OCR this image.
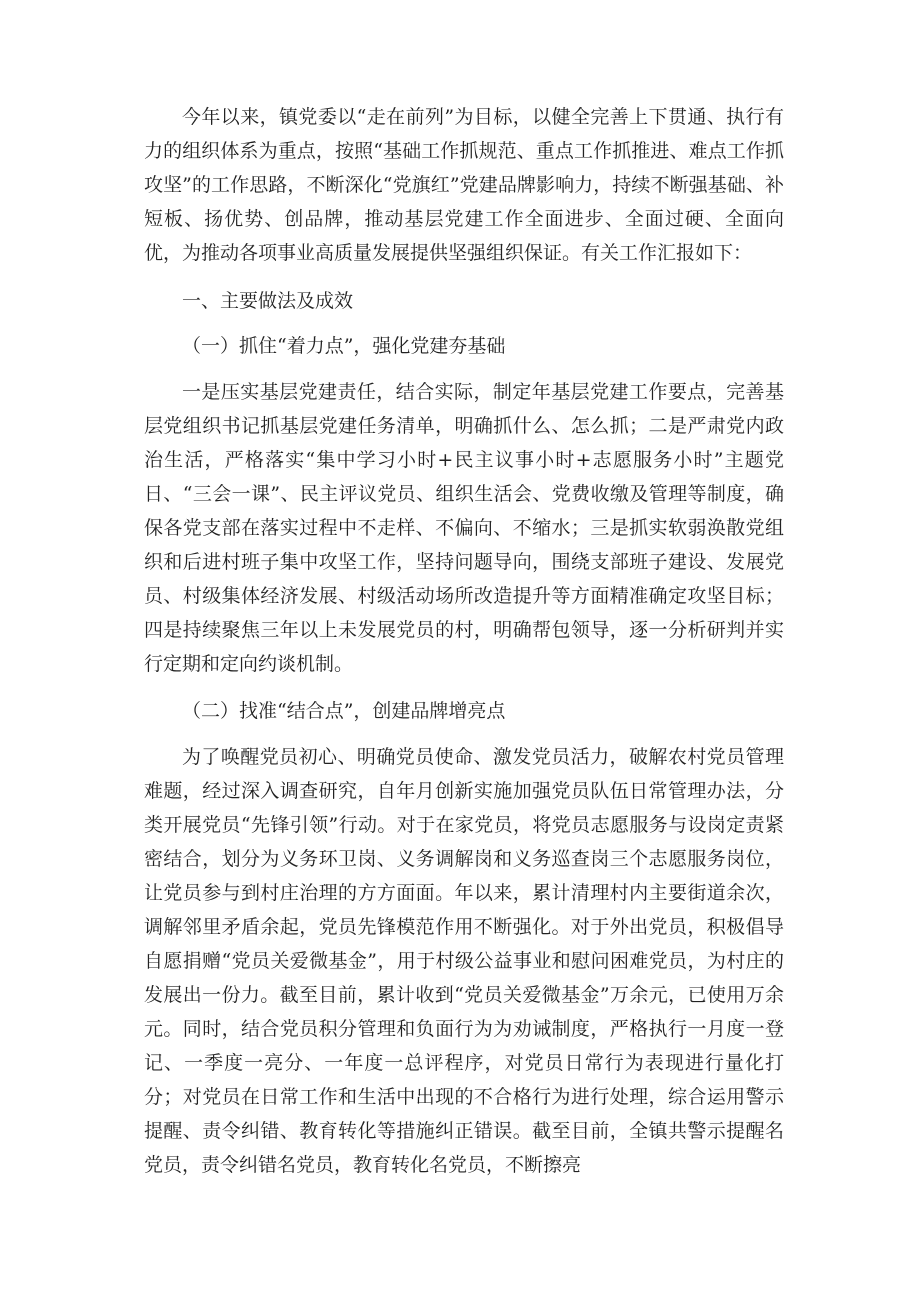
今年以来，镇党委以“走在前列”为目标，以健全完善上下贯通、执行有力的组织体系为重点，按照“基础工作抓规范、重点工作抓推进、难点工作抓攻坚”的工作思路，不断深化“党旗红”党建品牌影响力，持续不断强基础、补短板、扬优势、创品牌，推动基层党建工作全面进步、全面过硬、全面向优，为推动各项事业高质量发展提供坚强组织保证。有关工作汇报如下：

一、主要做法及成效
（一）抓住“着力点”，强化党建夯基础

一是压实基层党建责任，结合实际，制定年基层党建工作要点，完善基层党组织书记抓基层党建任务清单，明确抓什么、怎么抓；二是严肃党内政治生活，严格落实“集中学习小时+民主议事小时+志愿服务小时”主题党日、“三会一课”、民主评议党员、组织生活会、党费收缴及管理等制度，确保各党支部在落实过程中不走样、不偏向、不缩水；三是抓实软弱涣散党组织和后进村班子集中攻坚工作，坚持问题导向，围绕支部班子建设、发展党员、村级集体经济发展、村级活动场所改造提升等方面精准确定攻坚目标；四是持续聚焦三年以上未发展党员的村，明确帮包领导，逐一分析研判并实行定期和定向约谈机制。

（二）找准“结合点”，创建品牌增亮点

为了唤醒党员初心、明确党员使命、激发党员活力，破解农村党员管理难题，经过深入调查研究，自年月创新实施加强党员队伍日常管理办法，分类开展党员“先锋引领”行动。对于在家党员，将党员志愿服务与设岗定责紧密结合，划分为义务环卫岗、义务调解岗和义务巡查岗三个志愿服务岗位，让党员参与到村庄治理的方方面面。年以来，累计清理村内主要街道余次，调解邻里矛盾余起，党员先锋模范作用不断强化。对于外出党员，积极倡导自愿捐赠“党员关爱微基金”，用于村级公益事业和慰问困难党员，为村庄的发展出一份力。截至目前，累计收到“党员关爱微基金”万余元，已使用万余元。同时，结合党员积分管理和负面行为为劝诫制度，严格执行一月度一登记、一季度一亮分、一年度一总评程序，对党员日常行为表现进行量化打分；对党员在日常工作和生活中出现的不合格行为进行处理，综合运用警示提醒、责令纠错、教育转化等措施纠正错误。截至目前，全镇共警示提醒名党员，责令纠错名党员，教育转化名党员，不断擦亮
